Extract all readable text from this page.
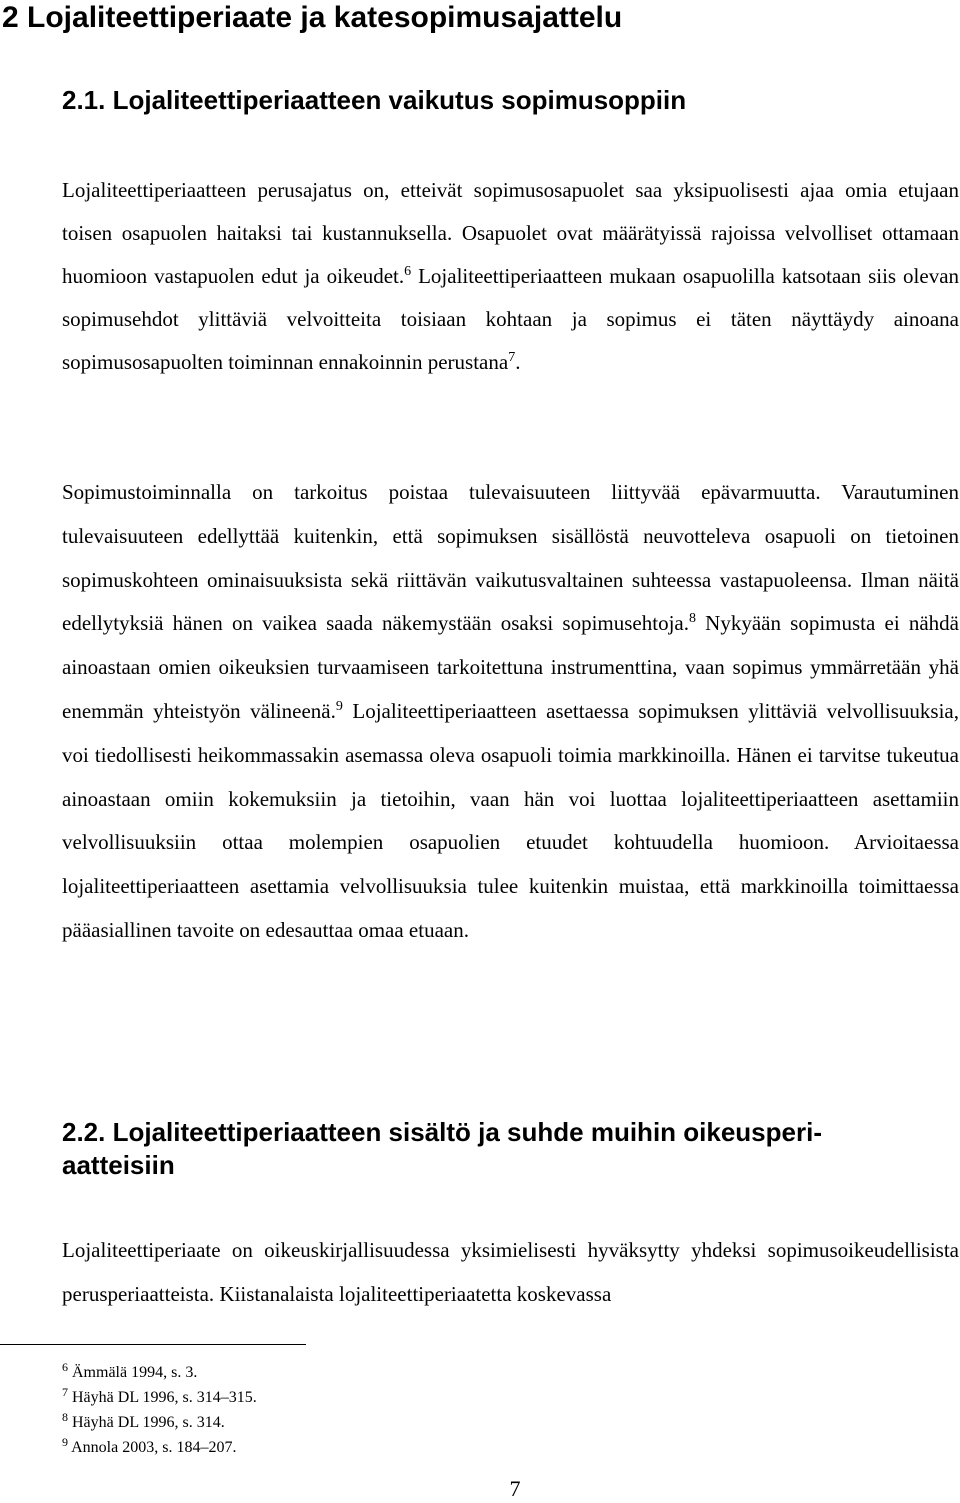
2 Lojaliteettiperiaate ja katesopimusajattelu
2.1. Lojaliteettiperiaatteen vaikutus sopimusoppiin

Lojaliteettiperiaatteen perusajatus on, etteivät sopimusosapuolet saa yksipuolisesti ajaa omia etujaan toisen osapuolen haitaksi tai kustannuksella. Osapuolet ovat määrätyissä rajoissa velvolliset ottamaan huomioon vastapuolen edut ja oikeudet.$^6$ Lojaliteettiperiaatteen mukaan osapuolilla katsotaan siis olevan sopimusehdot ylittäviä velvoitteita toisiaan kohtaan ja sopimus ei täten näyttäydy ainoana sopimusosapuolten toiminnan ennakoinnin perustana$^7$.

Sopimustoiminnalla on tarkoitus poistaa tulevaisuuteen liittyvää epävarmuutta. Varautuminen tulevaisuuteen edellyttää kuitenkin, että sopimuksen sisällöstä neuvotteleva osapuoli on tietoinen sopimuskohteen ominaisuuksista sekä riittävän vaikutusvaltainen suhteessa vastapuoleensa. Ilman näitä edellytyksiä hänen on vaikea saada näkemystään osaksi sopimusehtoja.$^8$ Nykyään sopimusta ei nähdä ainoastaan omien oikeuksien turvaamiseen tarkoitettuna instrumenttina, vaan sopimus ymmärretään yhä enemmän yhteistyön välineenä.$^9$ Lojaliteettiperiaatteen asettaessa sopimuksen ylittäviä velvollisuuksia, voi tiedollisesti heikommassakin asemassa oleva osapuoli toimia markkinoilla. Hänen ei tarvitse tukeutua ainoastaan omiin kokemuksiin ja tietoihin, vaan hän voi luottaa lojaliteettiperiaatteen asettamiin velvollisuuksiin ottaa molempien osapuolien etuudet kohtuudella huomioon. Arvioitaessa lojaliteettiperiaatteen asettamia velvollisuuksia tulee kuitenkin muistaa, että markkinoilla toimittaessa pääasiallinen tavoite on edesauttaa omaa etuaan.

2.2. Lojaliteettiperiaatteen sisältö ja suhde muihin oikeusperi-
aatteisiin

Lojaliteettiperiaate on oikeuskirjallisuudessa yksimielisesti hyväksytty yhdeksi sopimusoikeudellisista perusperiaatteista. Kiistanalaista lojaliteettiperiaatetta koskevassa

$^6$ Ämmälä 1994, s. 3.
$^7$ Häyhä DL 1996, s. 314–315.
$^8$ Häyhä DL 1996, s. 314.
$^9$ Annola 2003, s. 184–207.
7
